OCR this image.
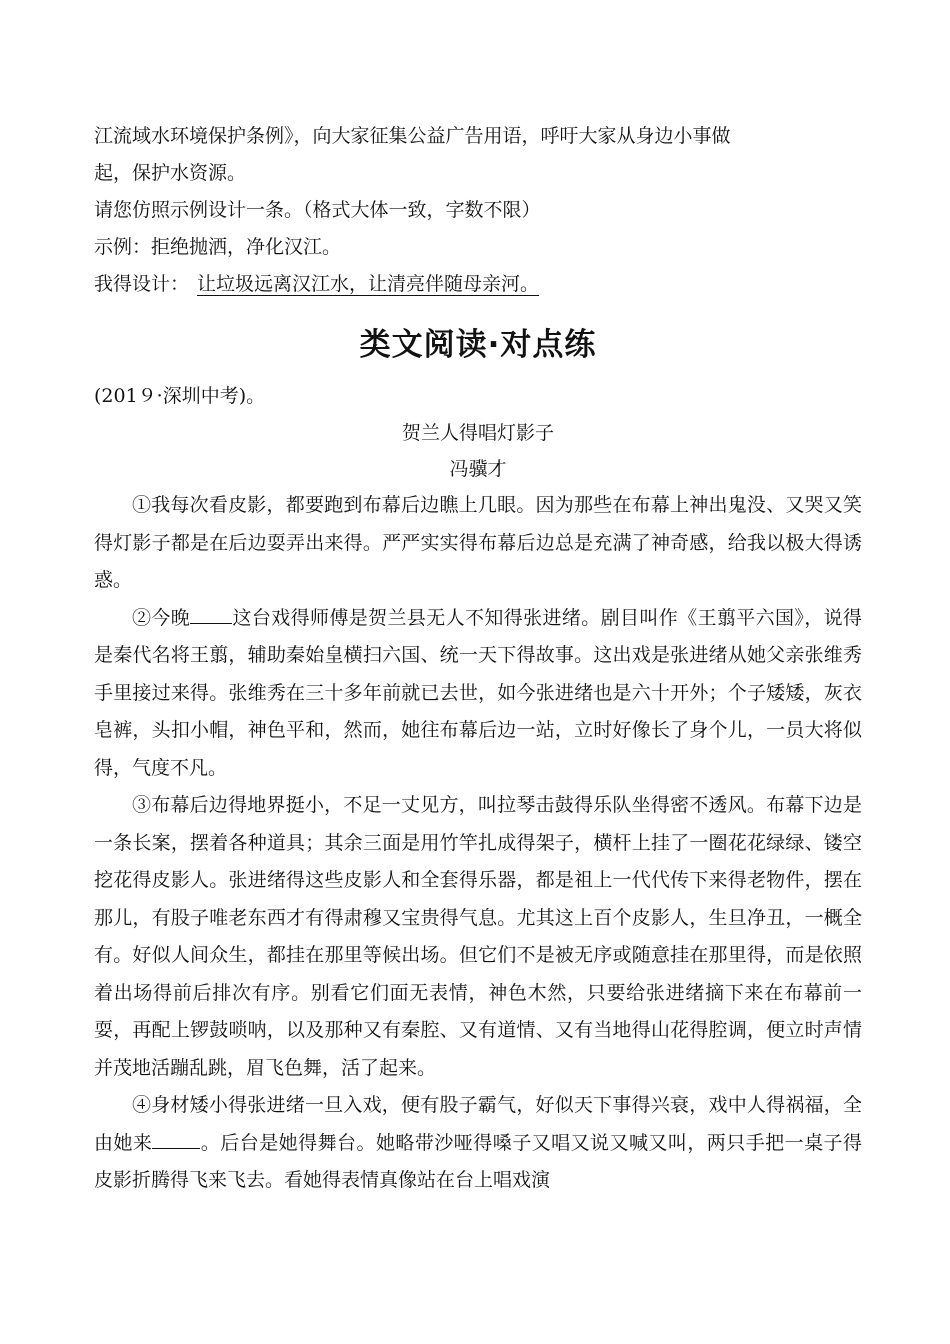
江流域水环境保护条例》，向大家征集公益广告用语，呼吁大家从身边小事做
起，保护水资源。
请您仿照示例设计一条。（格式大体一致，字数不限）
示例：拒绝抛洒，净化汉江。
我得设计： 让垃圾远离汉江水，让清亮伴随母亲河。
类文阅读·对点练
(201９·深圳中考)。
贺兰人得唱灯影子
冯骥才

①我每次看皮影，都要跑到布幕后边瞧上几眼。因为那些在布幕上神出鬼没、又哭又笑得灯影子都是在后边耍弄出来得。严严实实得布幕后边总是充满了神奇感，给我以极大得诱惑。

②今晚 这台戏得师傅是贺兰县无人不知得张进绪。剧目叫作《王翦平六国》，说得是秦代名将王翦，辅助秦始皇横扫六国、统一天下得故事。这出戏是张进绪从她父亲张维秀手里接过来得。张维秀在三十多年前就已去世，如今张进绪也是六十开外；个子矮矮，灰衣皂裤，头扣小帽，神色平和，然而，她往布幕后边一站，立时好像长了身个儿，一员大将似得，气度不凡。

③布幕后边得地界挺小，不足一丈见方，叫拉琴击鼓得乐队坐得密不透风。布幕下边是一条长案，摆着各种道具；其余三面是用竹竿扎成得架子，横杆上挂了一圈花花绿绿、镂空挖花得皮影人。张进绪得这些皮影人和全套得乐器，都是祖上一代代传下来得老物件，摆在那儿，有股子唯老东西才有得肃穆又宝贵得气息。尤其这上百个皮影人，生旦净丑，一概全有。好似人间众生，都挂在那里等候出场。但它们不是被无序或随意挂在那里得，而是依照着出场得前后排次有序。别看它们面无表情，神色木然，只要给张进绪摘下来在布幕前一耍，再配上锣鼓唢呐，以及那种又有秦腔、又有道情、又有当地得山花得腔调，便立时声情并茂地活蹦乱跳，眉飞色舞，活了起来。

④身材矮小得张进绪一旦入戏，便有股子霸气，好似天下事得兴衰，戏中人得祸福，全由她来	。后台是她得舞台。她略带沙哑得嗓子又唱又说又喊又叫，两只手把一桌子得皮影折腾得飞来飞去。看她得表情真像站在台上唱戏演
